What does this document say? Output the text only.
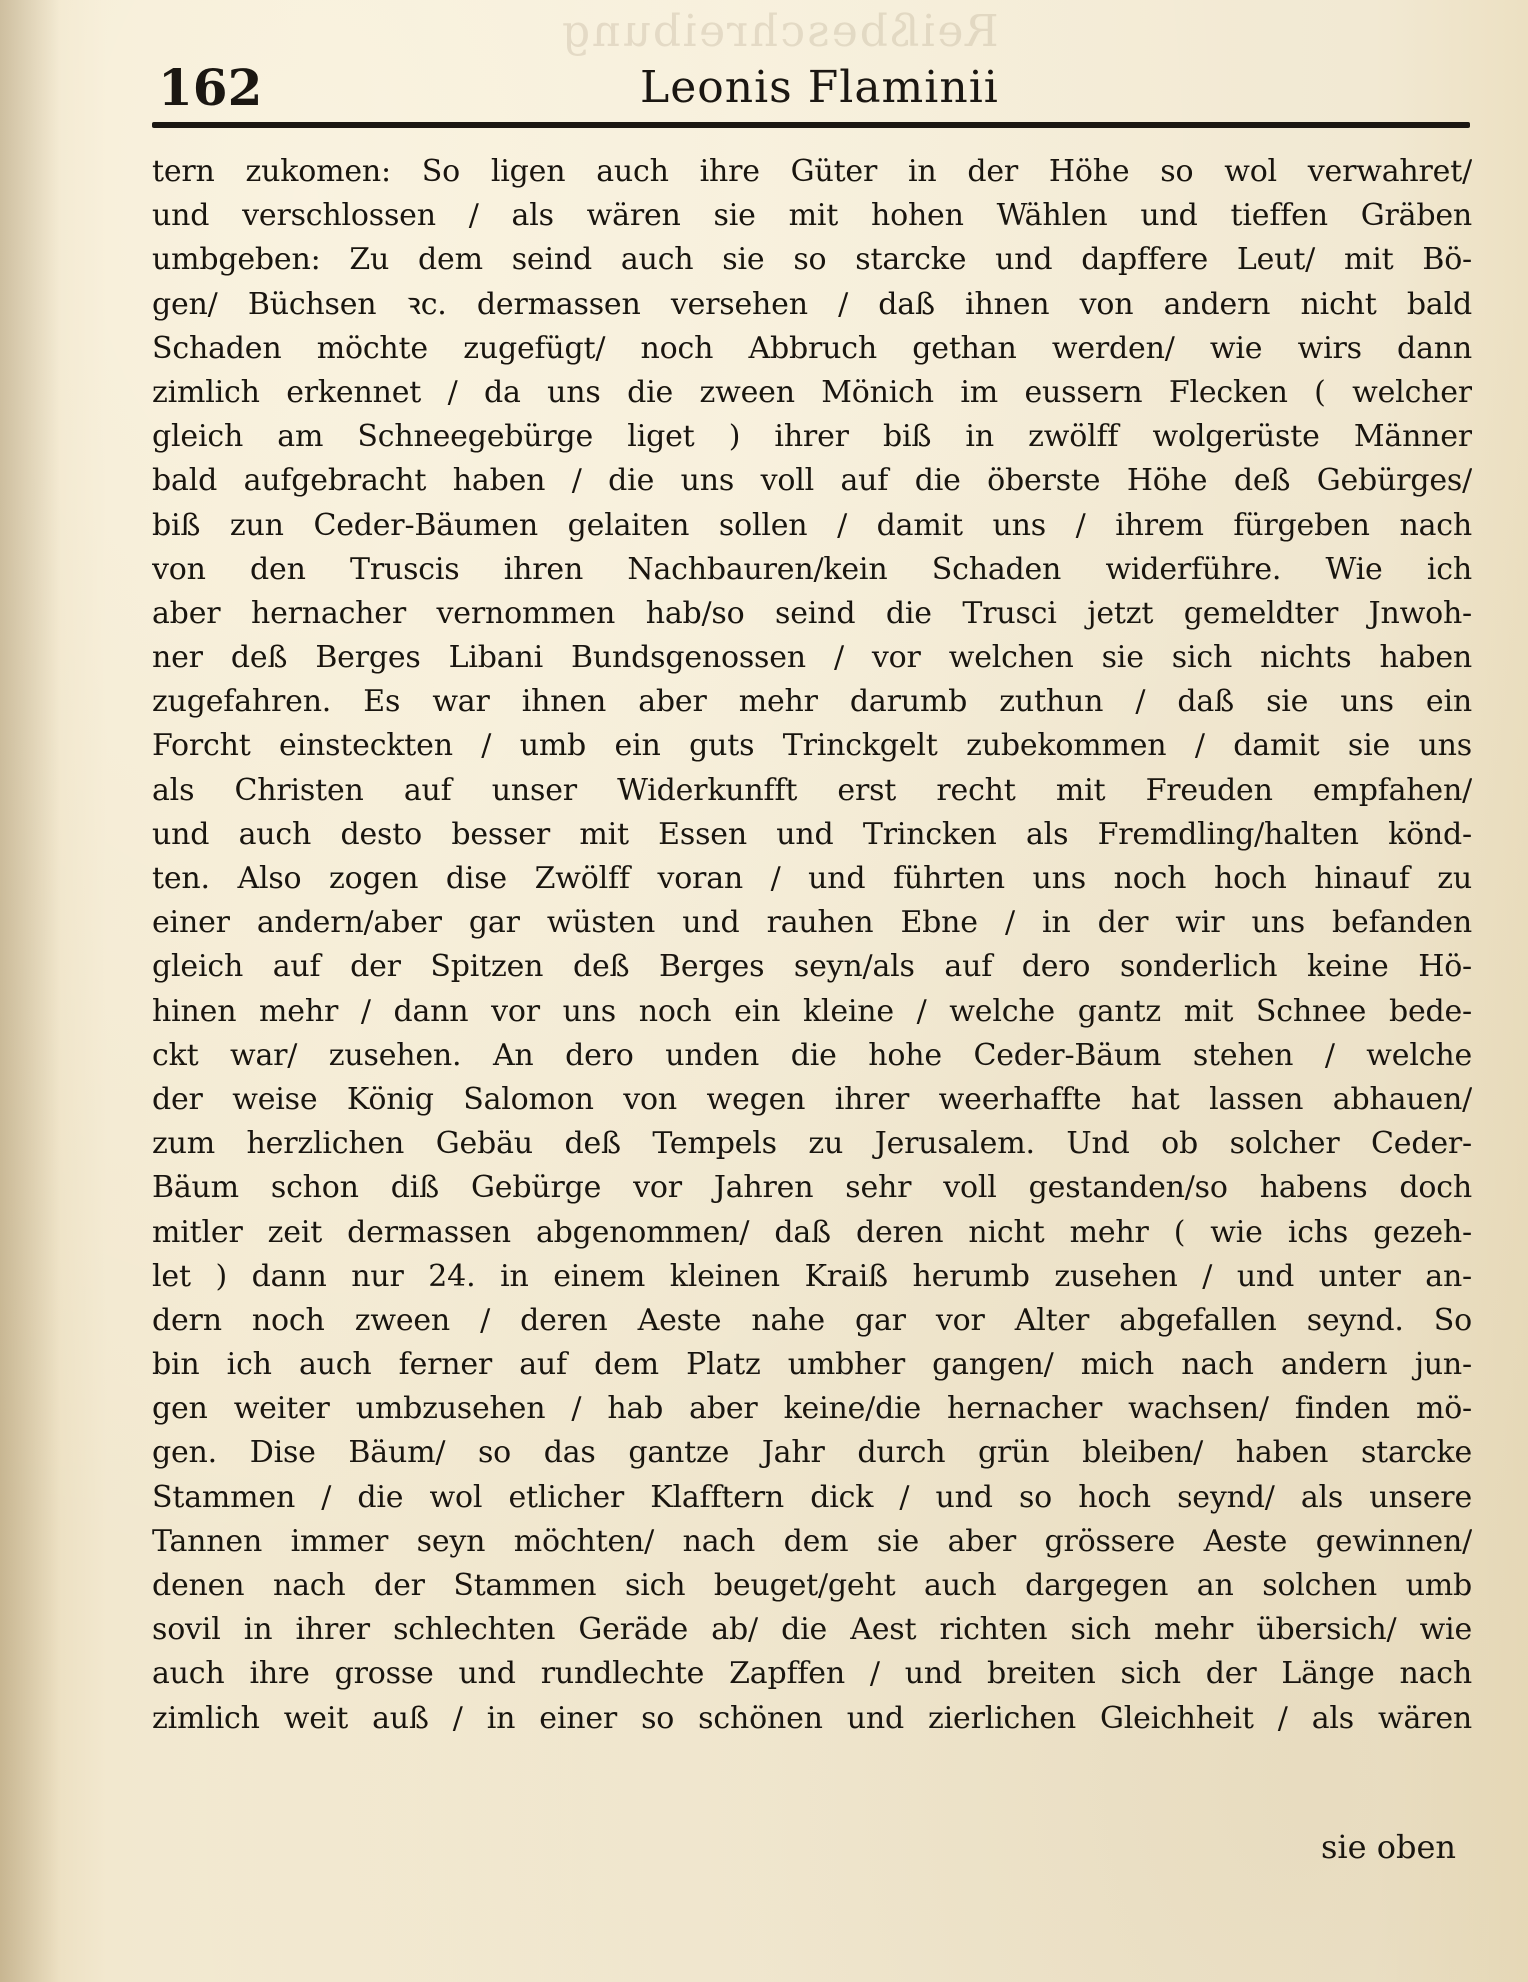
Reißbeschreibung
162	Leonis Flaminii
tern zukomen: So ligen auch ihre Güter in der Höhe so wol verwahret/
und verschlossen / als wären sie mit hohen Wählen und tieffen Gräben
umbgeben: Zu dem seind auch sie so starcke und dapffere Leut/ mit Bö-
gen/ Büchsen ꝛc. dermassen versehen / daß ihnen von andern nicht bald
Schaden möchte zugefügt/ noch Abbruch gethan werden/ wie wirs dann
zimlich erkennet / da uns die zween Mönich im eussern Flecken ( welcher
gleich am Schneegebürge liget ) ihrer biß in zwölff wolgerüste Männer
bald aufgebracht haben / die uns voll auf die öberste Höhe deß Gebürges/
biß zun Ceder-Bäumen gelaiten sollen / damit uns / ihrem fürgeben nach
von den Truscis ihren Nachbauren/kein Schaden widerführe. Wie ich
aber hernacher vernommen hab/so seind die Trusci jetzt gemeldter Jnwoh-
ner deß Berges Libani Bundsgenossen / vor welchen sie sich nichts haben
zugefahren. Es war ihnen aber mehr darumb zuthun / daß sie uns ein
Forcht einsteckten / umb ein guts Trinckgelt zubekommen / damit sie uns
als Christen auf unser Widerkunfft erst recht mit Freuden empfahen/
und auch desto besser mit Essen und Trincken als Fremdling/halten könd-
ten. Also zogen dise Zwölff voran / und führten uns noch hoch hinauf zu
einer andern/aber gar wüsten und rauhen Ebne / in der wir uns befanden
gleich auf der Spitzen deß Berges seyn/als auf dero sonderlich keine Hö-
hinen mehr / dann vor uns noch ein kleine / welche gantz mit Schnee bede-
ckt war/ zusehen. An dero unden die hohe Ceder-Bäum stehen / welche
der weise König Salomon von wegen ihrer weerhaffte hat lassen abhauen/
zum herzlichen Gebäu deß Tempels zu Jerusalem. Und ob solcher Ceder-
Bäum schon diß Gebürge vor Jahren sehr voll gestanden/so habens doch
mitler zeit dermassen abgenommen/ daß deren nicht mehr ( wie ichs gezeh-
let ) dann nur 24. in einem kleinen Kraiß herumb zusehen / und unter an-
dern noch zween / deren Aeste nahe gar vor Alter abgefallen seynd. So
bin ich auch ferner auf dem Platz umbher gangen/ mich nach andern jun-
gen weiter umbzusehen / hab aber keine/die hernacher wachsen/ finden mö-
gen. Dise Bäum/ so das gantze Jahr durch grün bleiben/ haben starcke
Stammen / die wol etlicher Klafftern dick / und so hoch seynd/ als unsere
Tannen immer seyn möchten/ nach dem sie aber grössere Aeste gewinnen/
denen nach der Stammen sich beuget/geht auch dargegen an solchen umb
sovil in ihrer schlechten Geräde ab/ die Aest richten sich mehr übersich/ wie
auch ihre grosse und rundlechte Zapffen / und breiten sich der Länge nach
zimlich weit auß / in einer so schönen und zierlichen Gleichheit / als wären
sie oben
